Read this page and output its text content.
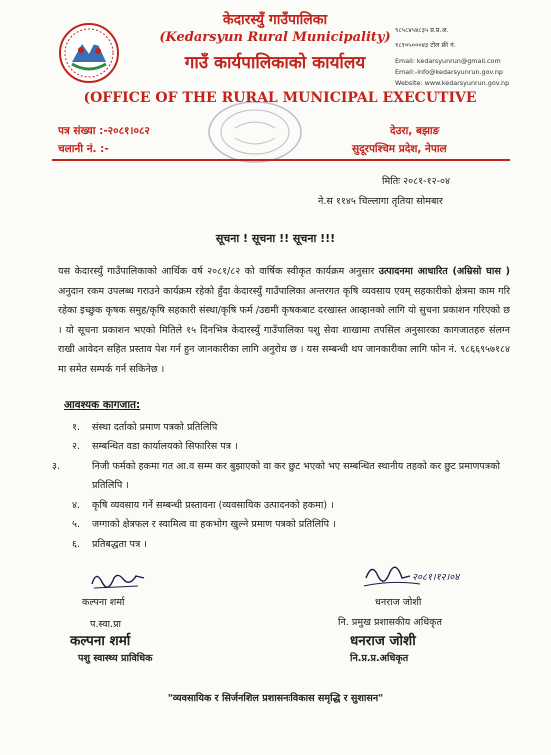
केदारस्युँ गाउँपालिका
(Kedarsyun Rural Municipality)
गाउँ कार्यपालिकाको कार्यालय
(OFFICE OF THE RURAL MUNICIPAL EXECUTIVE
९८५८४५४८३५ प्र.प्र.अ.
१८१०५०००४३ टोल फ्री नं.
Email: kedarsyunrun@gmail.com
Email:-info@kedarsyunrun.gov.np
Website: www.kedarsyunrun.gov.np
पत्र संख्या :-२०८१।०८२
चलानी नं. :-
देउरा, बझाङ
सुदूरपश्चिम प्रदेश, नेपाल
मितिः २०८१-१२-०४
ने.स ११४५ चिल्लागा तृतिया सोमबार
सूचना ! सूचना !! सूचना !!!
यस केदारस्युँ गाउँपालिकाको आर्थिक वर्ष २०८१/८२ को वार्षिक स्वीकृत कार्यक्रम अनुसार उत्पादनमा आधारित (अम्रिसो घास ) अनुदान रकम उपलब्ध गराउने कार्यक्रम रहेको हुँदा केदारस्युँ गाउँपालिका अन्तरगत कृषि व्यवसाय एवम् सहकारीको क्षेत्रमा काम गरि रहेका इच्छुक कृषक समुह/कृषि सहकारी संस्था/कृषि फर्म /उद्यमी कृषकबाट दरखास्त आव्हानको लागि यो सुचना प्रकाशन गरिएको छ । यो सूचना प्रकाशन भएको मितिले १५ दिनभित्र केदारस्युँ गाउँपालिका पशु सेवा शाखामा तपसिल अनुसारका कागजातहरु संलग्न राखी आवेदन सहित प्रस्ताव पेश गर्न हुन जानकारीका लागि अनुरोध छ । यस सम्बन्धी थप जानकारीका लागि फोन नं. ९८६६९५७१८४ मा समेत सम्पर्क गर्न सकिनेछ ।
आवश्यक कागजात:
१. संस्था दर्ताको प्रमाण पत्रको प्रतिलिपि
२. सम्बन्धित वडा कार्यालयको सिफारिस पत्र ।
३.	निजी फर्मको हकमा गत आ.व सम्म कर बुझाएको वा कर छुट भएको भए सम्बन्धित स्थानीय तहको कर छुट प्रमाणपत्रको प्रतिलिपि ।
४. कृषि व्यवसाय गर्ने सम्बन्धी प्रस्तावना (व्यवसायिक उत्पादनको हकमा) ।
५. जग्गाको क्षेत्रफल र स्वामित्व वा हकभोग खुल्ने प्रमाण पत्रको प्रतिलिपि ।
६. प्रतिबद्धता पत्र ।
कल्पना शर्मा
प.स्वा.प्रा
कल्पना शर्मा
पशु स्वास्थ्य प्राविधिक
२०८१।१२।०४
धनराज जोशी
नि. प्रमुख प्रशासकीय अधिकृत
धनराज जोशी
नि.प्र.प्र.अधिकृत
"व्यवसायिक र सिर्जनशिल प्रशासनःविकास समृद्धि र सुशासन"
